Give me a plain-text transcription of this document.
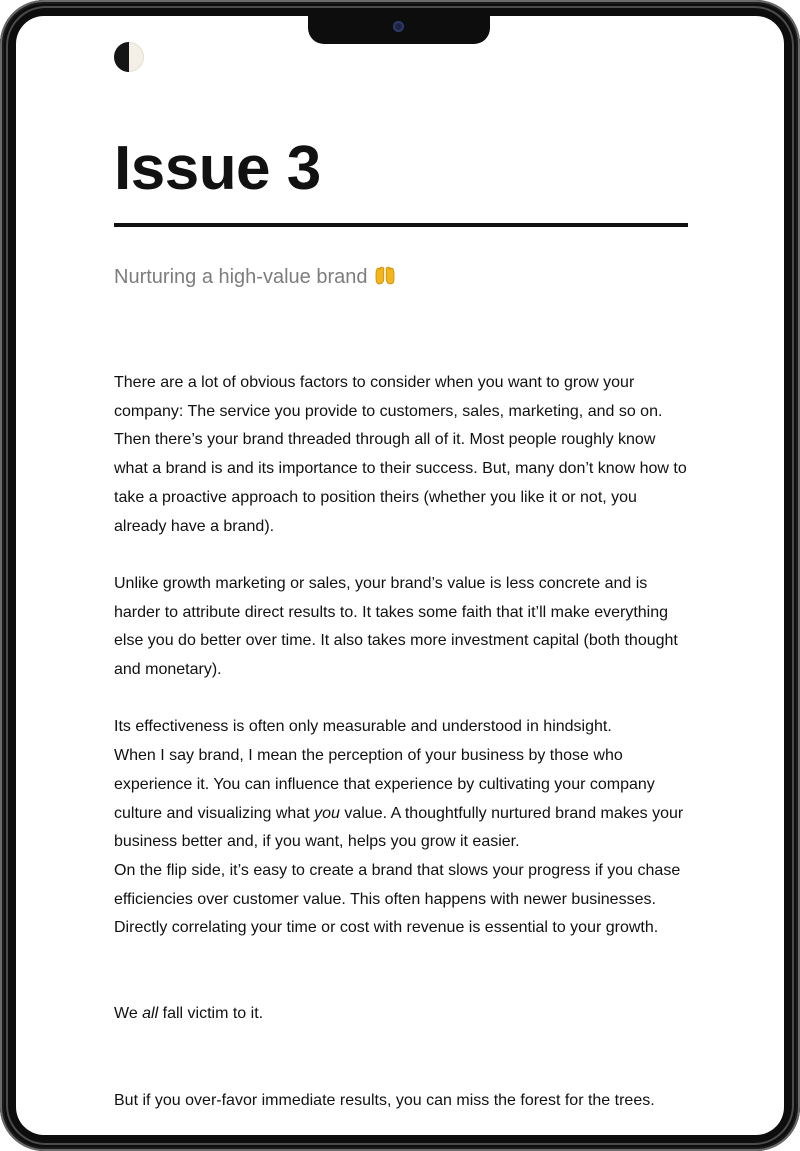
Issue 3
Nurturing a high-value brand

There are a lot of obvious factors to consider when you want to grow your company: The service you provide to customers, sales, marketing, and so on. Then there’s your brand threaded through all of it. Most people roughly know what a brand is and its importance to their success. But, many don’t know how to take a proactive approach to position theirs (whether you like it or not, you already have a brand).

Unlike growth marketing or sales, your brand’s value is less concrete and is harder to attribute direct results to. It takes some faith that it’ll make everything else you do better over time. It also takes more investment capital (both thought and monetary).

Its effectiveness is often only measurable and understood in hindsight.

When I say brand, I mean the perception of your business by those who experience it. You can influence that experience by cultivating your company culture and visualizing what you value. A thoughtfully nurtured brand makes your business better and, if you want, helps you grow it easier.

On the flip side, it’s easy to create a brand that slows your progress if you chase efficiencies over customer value. This often happens with newer businesses. Directly correlating your time or cost with revenue is essential to your growth.

We all fall victim to it.

But if you over-favor immediate results, you can miss the forest for the trees.
